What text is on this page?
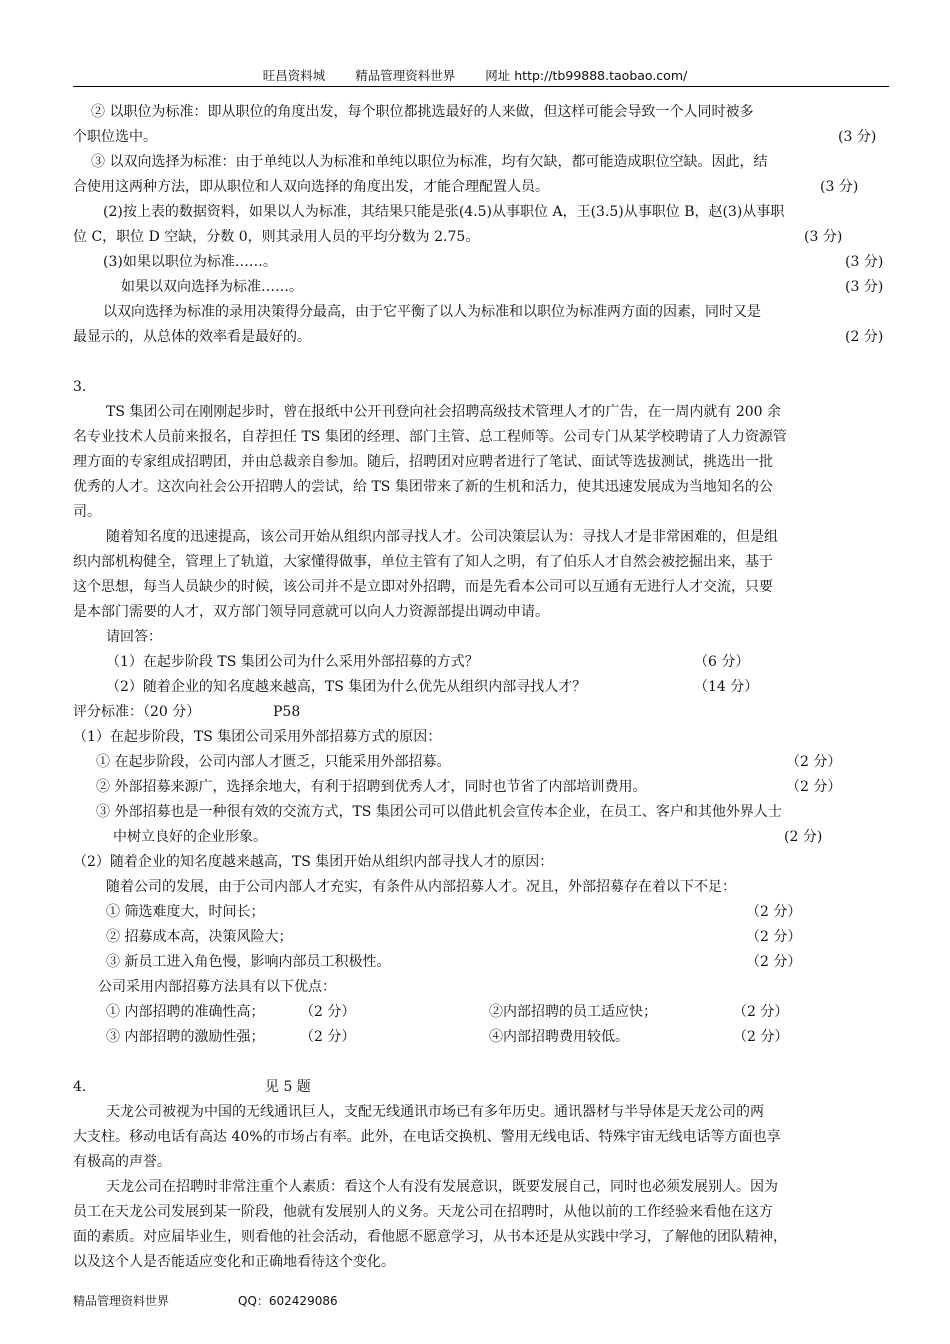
旺昌资料城 精品管理资料世界 网址 http://tb99888.taobao.com/
② 以职位为标准：即从职位的角度出发，每个职位都挑选最好的人来做，但这样可能会导致一个人同时被多
个职位选中。	(3 分)
③ 以双向选择为标准：由于单纯以人为标准和单纯以职位为标准，均有欠缺，都可能造成职位空缺。因此，结
合使用这两种方法，即从职位和人双向选择的角度出发，才能合理配置人员。	(3 分)
(2)按上表的数据资料，如果以人为标准，其结果只能是张(4.5)从事职位 A，王(3.5)从事职位 B，赵(3)从事职
位 C，职位 D 空缺，分数 0，则其录用人员的平均分数为 2.75。	(3 分)
(3)如果以职位为标准……。	(3 分)
如果以双向选择为标准……。	(3 分)
以双向选择为标准的录用决策得分最高，由于它平衡了以人为标准和以职位为标准两方面的因素，同时又是
最显示的，从总体的效率看是最好的。	(2 分)
3.
TS 集团公司在刚刚起步时，曾在报纸中公开刊登向社会招聘高级技术管理人才的广告，在一周内就有 200 余
名专业技术人员前来报名，自荐担任 TS 集团的经理、部门主管、总工程师等。公司专门从某学校聘请了人力资源管
理方面的专家组成招聘团，并由总裁亲自参加。随后，招聘团对应聘者进行了笔试、面试等选拔测试，挑选出一批
优秀的人才。这次向社会公开招聘人的尝试，给 TS 集团带来了新的生机和活力，使其迅速发展成为当地知名的公
司。
随着知名度的迅速提高，该公司开始从组织内部寻找人才。公司决策层认为：寻找人才是非常困难的，但是组
织内部机构健全，管理上了轨道，大家懂得做事，单位主管有了知人之明，有了伯乐人才自然会被挖掘出来，基于
这个思想，每当人员缺少的时候，该公司并不是立即对外招聘，而是先看本公司可以互通有无进行人才交流，只要
是本部门需要的人才，双方部门领导同意就可以向人力资源部提出调动申请。
请回答：
（1）在起步阶段 TS 集团公司为什么采用外部招募的方式？	（6 分）
（2）随着企业的知名度越来越高，TS 集团为什么优先从组织内部寻找人才？	（14 分）
评分标准：（20 分）	P58
（1）在起步阶段，TS 集团公司采用外部招募方式的原因：
① 在起步阶段，公司内部人才匮乏，只能采用外部招募。	（2 分）
② 外部招募来源广，选择余地大，有利于招聘到优秀人才，同时也节省了内部培训费用。	（2 分）
③ 外部招募也是一种很有效的交流方式，TS 集团公司可以借此机会宣传本企业，在员工、客户和其他外界人士
中树立良好的企业形象。	(2 分)
（2）随着企业的知名度越来越高，TS 集团开始从组织内部寻找人才的原因：
随着公司的发展，由于公司内部人才充实，有条件从内部招募人才。况且，外部招募存在着以下不足：
① 筛选难度大，时间长；	（2 分）
② 招募成本高，决策风险大；	（2 分）
③ 新员工进入角色慢，影响内部员工积极性。	（2 分）
公司采用内部招募方法具有以下优点：
① 内部招聘的准确性高；	（2 分）	②内部招聘的员工适应快；	（2 分）
③ 内部招聘的激励性强；	（2 分）	④内部招聘费用较低。	（2 分）
4.	见 5 题
天龙公司被视为中国的无线通讯巨人，支配无线通讯市场已有多年历史。通讯器材与半导体是天龙公司的两
大支柱。移动电话有高达 40%的市场占有率。此外，在电话交换机、警用无线电话、特殊宇宙无线电话等方面也享
有极高的声誉。
天龙公司在招聘时非常注重个人素质：看这个人有没有发展意识，既要发展自己，同时也必须发展别人。因为
员工在天龙公司发展到某一阶段，他就有发展别人的义务。天龙公司在招聘时，从他以前的工作经验来看他在这方
面的素质。对应届毕业生，则看他的社会活动，看他愿不愿意学习，从书本还是从实践中学习，了解他的团队精神，
以及这个人是否能适应变化和正确地看待这个变化。
精品管理资料世界	QQ：602429086
